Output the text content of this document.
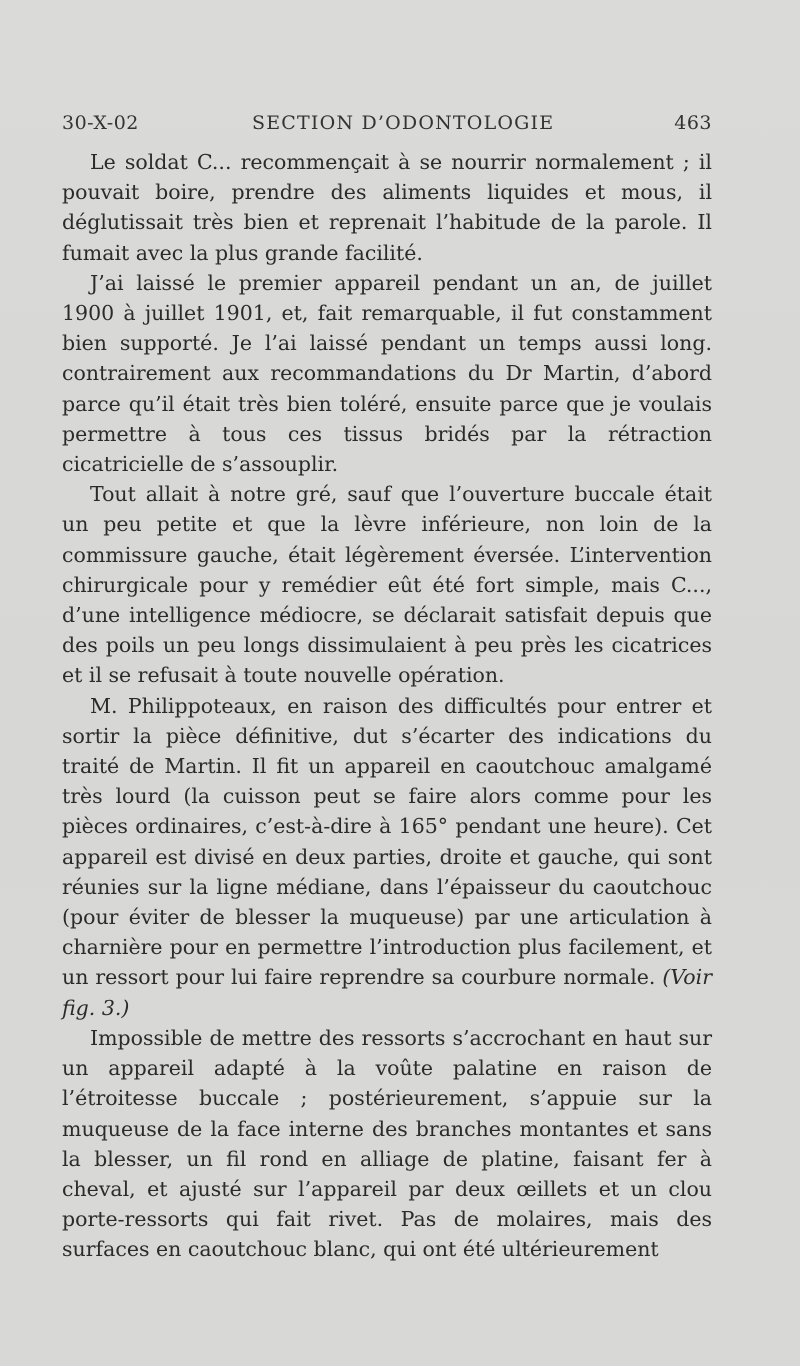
30-X-02	SECTION D’ODONTOLOGIE	463

Le soldat C... recommençait à se nourrir normalement ; il pouvait boire, prendre des aliments liquides et mous, il déglutissait très bien et reprenait l’habitude de la parole. Il fumait avec la plus grande facilité.

J’ai laissé le premier appareil pendant un an, de juillet 1900 à juillet 1901, et, fait remarquable, il fut constamment bien supporté. Je l’ai laissé pendant un temps aussi long. contrairement aux recommandations du Dr Martin, d’abord parce qu’il était très bien toléré, ensuite parce que je voulais permettre à tous ces tissus bridés par la rétraction cicatricielle de s’assouplir.

Tout allait à notre gré, sauf que l’ouverture buccale était un peu petite et que la lèvre inférieure, non loin de la commissure gauche, était légèrement éversée. L’intervention chirurgicale pour y remédier eût été fort simple, mais C..., d’une intelligence médiocre, se déclarait satisfait depuis que des poils un peu longs dissimulaient à peu près les cicatrices et il se refusait à toute nouvelle opération.

M. Philippoteaux, en raison des difficultés pour entrer et sortir la pièce définitive, dut s’écarter des indications du traité de Martin. Il fit un appareil en caoutchouc amalgamé très lourd (la cuisson peut se faire alors comme pour les pièces ordinaires, c’est-à-dire à 165° pendant une heure). Cet appareil est divisé en deux parties, droite et gauche, qui sont réunies sur la ligne médiane, dans l’épaisseur du caoutchouc (pour éviter de blesser la muqueuse) par une articulation à charnière pour en permettre l’introduction plus facilement, et un ressort pour lui faire reprendre sa courbure normale. (Voir fig. 3.)

Impossible de mettre des ressorts s’accrochant en haut sur un appareil adapté à la voûte palatine en raison de l’étroitesse buccale ; postérieurement, s’appuie sur la muqueuse de la face interne des branches montantes et sans la blesser, un fil rond en alliage de platine, faisant fer à cheval, et ajusté sur l’appareil par deux œillets et un clou porte-ressorts qui fait rivet. Pas de molaires, mais des surfaces en caoutchouc blanc, qui ont été ultérieurement
